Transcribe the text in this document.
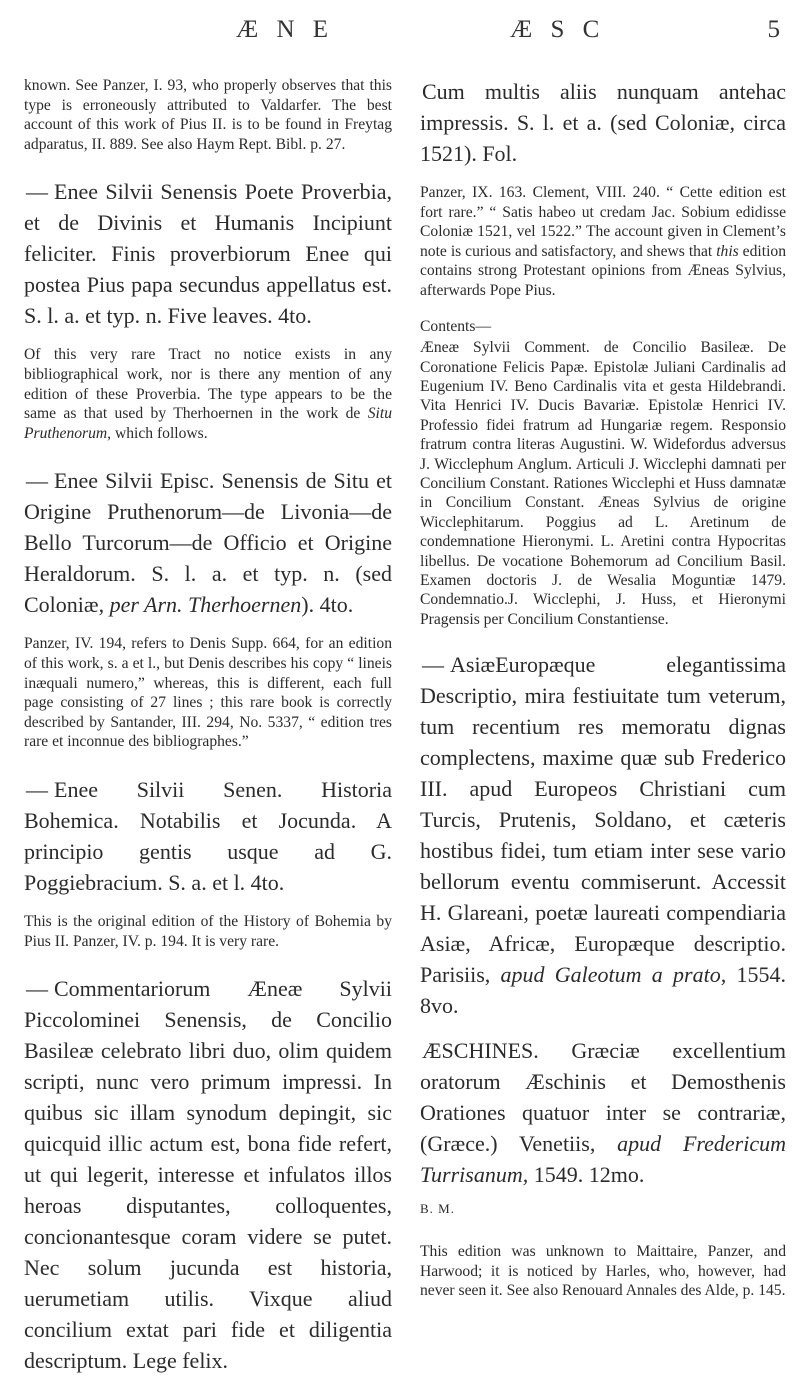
Æ N E	Æ S C	5

known. See Panzer, I. 93, who properly observes that this type is erroneously attributed to Valdarfer. The best account of this work of Pius II. is to be found in Freytag adparatus, II. 889. See also Haym Rept. Bibl. p. 27.

— Enee Silvii Senensis Poete Proverbia, et de Divinis et Humanis Incipiunt feliciter. Finis proverbiorum Enee qui postea Pius papa secundus appellatus est. S. l. a. et typ. n. Five leaves. 4to.

Of this very rare Tract no notice exists in any bibliographical work, nor is there any mention of any edition of these Proverbia. The type appears to be the same as that used by Therhoernen in the work de Situ Pruthenorum, which follows.

— Enee Silvii Episc. Senensis de Situ et Origine Pruthenorum—de Livonia—de Bello Turcorum—de Officio et Origine Heraldorum. S. l. a. et typ. n. (sed Coloniæ, per Arn. Therhoernen). 4to.

Panzer, IV. 194, refers to Denis Supp. 664, for an edition of this work, s. a et l., but Denis describes his copy “ lineis inæquali numero,” whereas, this is different, each full page consisting of 27 lines ; this rare book is correctly described by Santander, III. 294, No. 5337, “ edition tres rare et inconnue des bibliographes.”

— Enee Silvii Senen. Historia Bohemica. Notabilis et Jocunda. A principio gentis usque ad G. Poggiebracium. S. a. et l. 4to.

This is the original edition of the History of Bohemia by Pius II. Panzer, IV. p. 194. It is very rare.

— Commentariorum Æneæ Sylvii Piccolominei Senensis, de Concilio Basileæ celebrato libri duo, olim quidem scripti, nunc vero primum impressi. In quibus sic illam synodum depingit, sic quicquid illic actum est, bona fide refert, ut qui legerit, interesse et infulatos illos heroas disputantes, colloquentes, concionantesque coram videre se putet. Nec solum jucunda est historia, uerumetiam utilis. Vixque aliud concilium extat pari fide et diligentia descriptum. Lege felix.

Cum multis aliis nunquam antehac impressis. S. l. et a. (sed Coloniæ, circa 1521). Fol.

Panzer, IX. 163. Clement, VIII. 240. “ Cette edition est fort rare.” “ Satis habeo ut credam Jac. Sobium edidisse Coloniæ 1521, vel 1522.” The account given in Clement’s note is curious and satisfactory, and shews that this edition contains strong Protestant opinions from Æneas Sylvius, afterwards Pope Pius.

Contents—

Æneæ Sylvii Comment. de Concilio Basileæ. De Coronatione Felicis Papæ. Epistolæ Juliani Cardinalis ad Eugenium IV. Beno Cardinalis vita et gesta Hildebrandi. Vita Henrici IV. Ducis Bavariæ. Epistolæ Henrici IV. Professio fidei fratrum ad Hungariæ regem. Responsio fratrum contra literas Augustini. W. Widefordus adversus J. Wicclephum Anglum. Articuli J. Wicclephi damnati per Concilium Constant. Rationes Wicclephi et Huss damnatæ in Concilium Constant. Æneas Sylvius de origine Wicclephitarum. Poggius ad L. Aretinum de condemnatione Hieronymi. L. Aretini contra Hypocritas libellus. De vocatione Bohemorum ad Concilium Basil. Examen doctoris J. de Wesalia Moguntiæ 1479. Condemnatio.J. Wicclephi, J. Huss, et Hieronymi Pragensis per Concilium Constantiense.

— AsiæEuropæque elegantissima Descriptio, mira festiuitate tum veterum, tum recentium res memoratu dignas complectens, maxime quæ sub Frederico III. apud Europeos Christiani cum Turcis, Prutenis, Soldano, et cæteris hostibus fidei, tum etiam inter sese vario bellorum eventu commiserunt. Accessit H. Glareani, poetæ laureati compendiaria Asiæ, Africæ, Europæque descriptio. Parisiis, apud Galeotum a prato, 1554. 8vo.

ÆSCHINES. Græciæ excellentium oratorum Æschinis et Demosthenis Orationes quatuor inter se contrariæ, (Græce.) Venetiis, apud Fredericum Turrisanum, 1549. 12mo.
B. M.

This edition was unknown to Maittaire, Panzer, and Harwood; it is noticed by Harles, who, however, had never seen it. See also Renouard Annales des Alde, p. 145.
